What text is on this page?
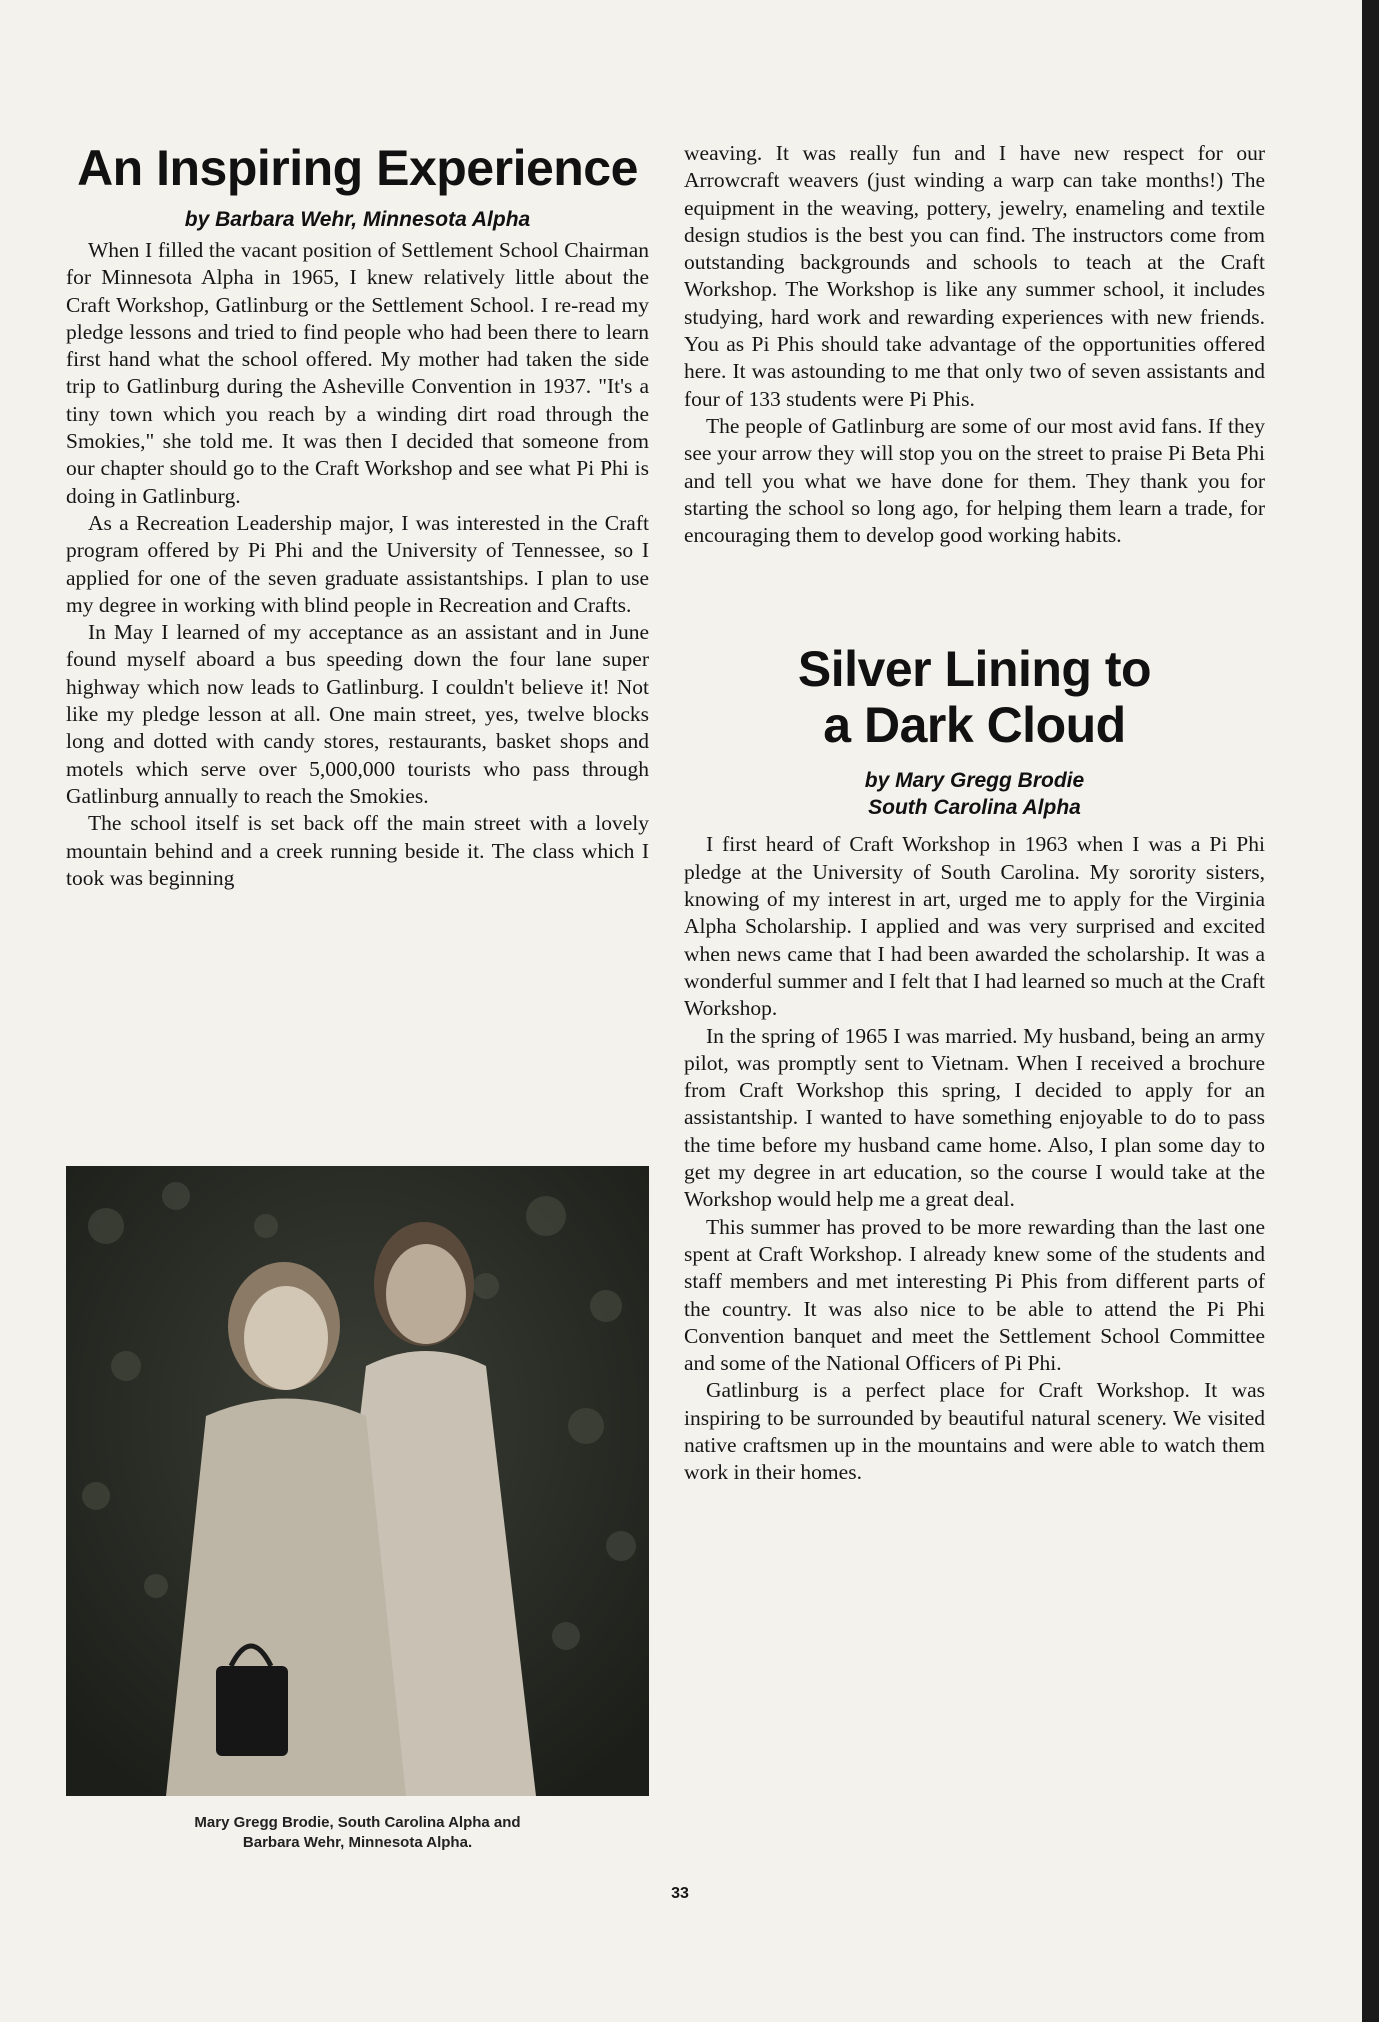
An Inspiring Experience
by Barbara Wehr, Minnesota Alpha

When I filled the vacant position of Settlement School Chairman for Minnesota Alpha in 1965, I knew relatively little about the Craft Workshop, Gatlinburg or the Settlement School. I re-read my pledge lessons and tried to find people who had been there to learn first hand what the school offered. My mother had taken the side trip to Gatlinburg during the Asheville Convention in 1937. "It's a tiny town which you reach by a winding dirt road through the Smokies," she told me. It was then I decided that someone from our chapter should go to the Craft Workshop and see what Pi Phi is doing in Gatlinburg.

As a Recreation Leadership major, I was interested in the Craft program offered by Pi Phi and the University of Tennessee, so I applied for one of the seven graduate assistantships. I plan to use my degree in working with blind people in Recreation and Crafts.

In May I learned of my acceptance as an assistant and in June found myself aboard a bus speeding down the four lane super highway which now leads to Gatlinburg. I couldn't believe it! Not like my pledge lesson at all. One main street, yes, twelve blocks long and dotted with candy stores, restaurants, basket shops and motels which serve over 5,000,000 tourists who pass through Gatlinburg annually to reach the Smokies.

The school itself is set back off the main street with a lovely mountain behind and a creek running beside it. The class which I took was beginning

Mary Gregg Brodie, South Carolina Alpha and
Barbara Wehr, Minnesota Alpha.

weaving. It was really fun and I have new respect for our Arrowcraft weavers (just winding a warp can take months!) The equipment in the weaving, pottery, jewelry, enameling and textile design studios is the best you can find. The instructors come from outstanding backgrounds and schools to teach at the Craft Workshop. The Workshop is like any summer school, it includes studying, hard work and rewarding experiences with new friends. You as Pi Phis should take advantage of the opportunities offered here. It was astounding to me that only two of seven assistants and four of 133 students were Pi Phis.

The people of Gatlinburg are some of our most avid fans. If they see your arrow they will stop you on the street to praise Pi Beta Phi and tell you what we have done for them. They thank you for starting the school so long ago, for helping them learn a trade, for encouraging them to develop good working habits.

Silver Lining to
a Dark Cloud
by Mary Gregg Brodie
South Carolina Alpha

I first heard of Craft Workshop in 1963 when I was a Pi Phi pledge at the University of South Carolina. My sorority sisters, knowing of my interest in art, urged me to apply for the Virginia Alpha Scholarship. I applied and was very surprised and excited when news came that I had been awarded the scholarship. It was a wonderful summer and I felt that I had learned so much at the Craft Workshop.

In the spring of 1965 I was married. My husband, being an army pilot, was promptly sent to Vietnam. When I received a brochure from Craft Workshop this spring, I decided to apply for an assistantship. I wanted to have something enjoyable to do to pass the time before my husband came home. Also, I plan some day to get my degree in art education, so the course I would take at the Workshop would help me a great deal.

This summer has proved to be more rewarding than the last one spent at Craft Workshop. I already knew some of the students and staff members and met interesting Pi Phis from different parts of the country. It was also nice to be able to attend the Pi Phi Convention banquet and meet the Settlement School Committee and some of the National Officers of Pi Phi.

Gatlinburg is a perfect place for Craft Workshop. It was inspiring to be surrounded by beautiful natural scenery. We visited native craftsmen up in the mountains and were able to watch them work in their homes.

33
